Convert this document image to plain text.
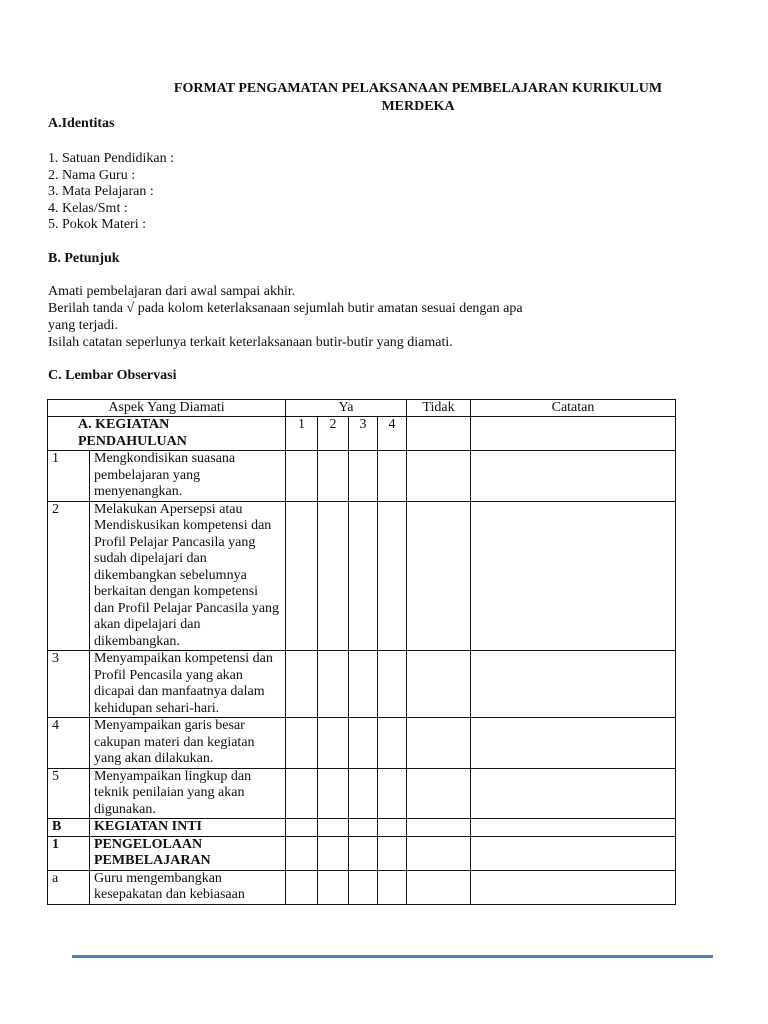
FORMAT PENGAMATAN PELAKSANAAN PEMBELAJARAN KURIKULUM
MERDEKA
A.Identitas
1. Satuan Pendidikan :
2. Nama Guru :
3. Mata Pelajaran :
4. Kelas/Smt :
5. Pokok Materi :
B. Petunjuk
Amati pembelajaran dari awal sampai akhir.
Berilah tanda √ pada kolom keterlaksanaan sejumlah butir amatan sesuai dengan apa
yang terjadi.
Isilah catatan seperlunya terkait keterlaksanaan butir-butir yang diamati.
C. Lembar Observasi
Aspek Yang Diamati		Ya				Tidak	Catatan
A. KEGIATAN PENDAHULUAN		1	2	3	4		
1	Mengkondisikan suasana pembelajaran yang menyenangkan.						
2	Melakukan Apersepsi atau Mendiskusikan kompetensi dan Profil Pelajar Pancasila yang sudah dipelajari dan dikembangkan sebelumnya berkaitan dengan kompetensi dan Profil Pelajar Pancasila yang akan dipelajari dan dikembangkan.						
3	Menyampaikan kompetensi dan Profil Pencasila yang akan dicapai dan manfaatnya dalam kehidupan sehari-hari.						
4	Menyampaikan garis besar cakupan materi dan kegiatan yang akan dilakukan.						
5	Menyampaikan lingkup dan teknik penilaian yang akan digunakan.						
B	KEGIATAN INTI						
1	PENGELOLAAN PEMBELAJARAN						
a	Guru mengembangkan kesepakatan dan kebiasaan						
